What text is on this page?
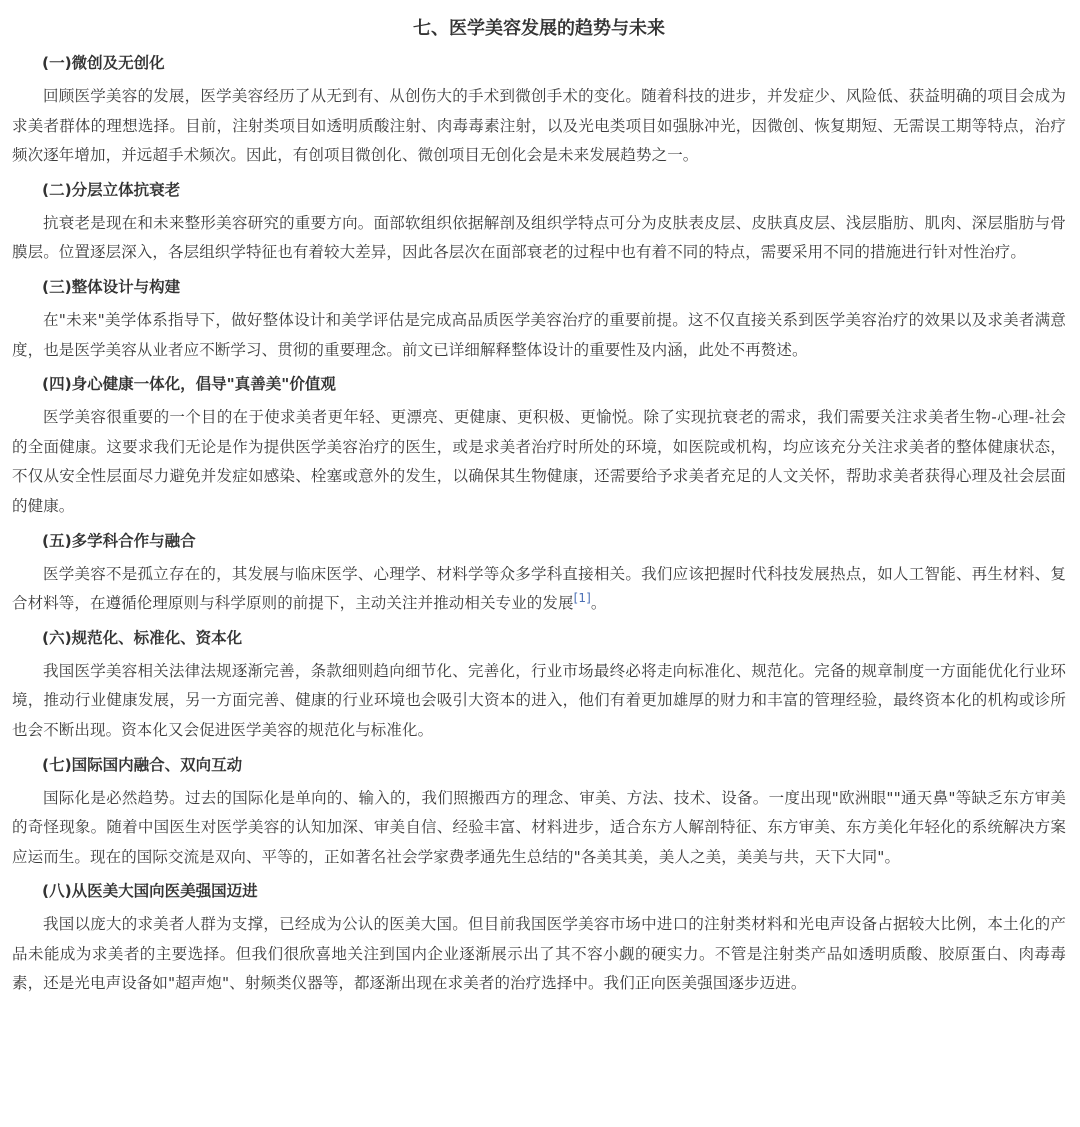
七、医学美容发展的趋势与未来
(一)微创及无创化

回顾医学美容的发展，医学美容经历了从无到有、从创伤大的手术到微创手术的变化。随着科技的进步，并发症少、风险低、获益明确的项目会成为求美者群体的理想选择。目前，注射类项目如透明质酸注射、肉毒毒素注射，以及光电类项目如强脉冲光，因微创、恢复期短、无需误工期等特点，治疗频次逐年增加，并远超手术频次。因此，有创项目微创化、微创项目无创化会是未来发展趋势之一。

(二)分层立体抗衰老

抗衰老是现在和未来整形美容研究的重要方向。面部软组织依据解剖及组织学特点可分为皮肤表皮层、皮肤真皮层、浅层脂肪、肌肉、深层脂肪与骨膜层。位置逐层深入，各层组织学特征也有着较大差异，因此各层次在面部衰老的过程中也有着不同的特点，需要采用不同的措施进行针对性治疗。

(三)整体设计与构建

在"未来"美学体系指导下，做好整体设计和美学评估是完成高品质医学美容治疗的重要前提。这不仅直接关系到医学美容治疗的效果以及求美者满意度，也是医学美容从业者应不断学习、贯彻的重要理念。前文已详细解释整体设计的重要性及内涵，此处不再赘述。

(四)身心健康一体化，倡导"真善美"价值观

医学美容很重要的一个目的在于使求美者更年轻、更漂亮、更健康、更积极、更愉悦。除了实现抗衰老的需求，我们需要关注求美者生物-心理-社会的全面健康。这要求我们无论是作为提供医学美容治疗的医生，或是求美者治疗时所处的环境，如医院或机构，均应该充分关注求美者的整体健康状态，不仅从安全性层面尽力避免并发症如感染、栓塞或意外的发生，以确保其生物健康，还需要给予求美者充足的人文关怀，帮助求美者获得心理及社会层面的健康。

(五)多学科合作与融合

医学美容不是孤立存在的，其发展与临床医学、心理学、材料学等众多学科直接相关。我们应该把握时代科技发展热点，如人工智能、再生材料、复合材料等，在遵循伦理原则与科学原则的前提下，主动关注并推动相关专业的发展[1]。

(六)规范化、标准化、资本化

我国医学美容相关法律法规逐渐完善，条款细则趋向细节化、完善化，行业市场最终必将走向标准化、规范化。完备的规章制度一方面能优化行业环境，推动行业健康发展，另一方面完善、健康的行业环境也会吸引大资本的进入，他们有着更加雄厚的财力和丰富的管理经验，最终资本化的机构或诊所也会不断出现。资本化又会促进医学美容的规范化与标准化。

(七)国际国内融合、双向互动

国际化是必然趋势。过去的国际化是单向的、输入的，我们照搬西方的理念、审美、方法、技术、设备。一度出现"欧洲眼""通天鼻"等缺乏东方审美的奇怪现象。随着中国医生对医学美容的认知加深、审美自信、经验丰富、材料进步，适合东方人解剖特征、东方审美、东方美化年轻化的系统解决方案应运而生。现在的国际交流是双向、平等的，正如著名社会学家费孝通先生总结的"各美其美，美人之美，美美与共，天下大同"。

(八)从医美大国向医美强国迈进

我国以庞大的求美者人群为支撑，已经成为公认的医美大国。但目前我国医学美容市场中进口的注射类材料和光电声设备占据较大比例，本土化的产品未能成为求美者的主要选择。但我们很欣喜地关注到国内企业逐渐展示出了其不容小觑的硬实力。不管是注射类产品如透明质酸、胶原蛋白、肉毒毒素，还是光电声设备如"超声炮"、射频类仪器等，都逐渐出现在求美者的治疗选择中。我们正向医美强国逐步迈进。
